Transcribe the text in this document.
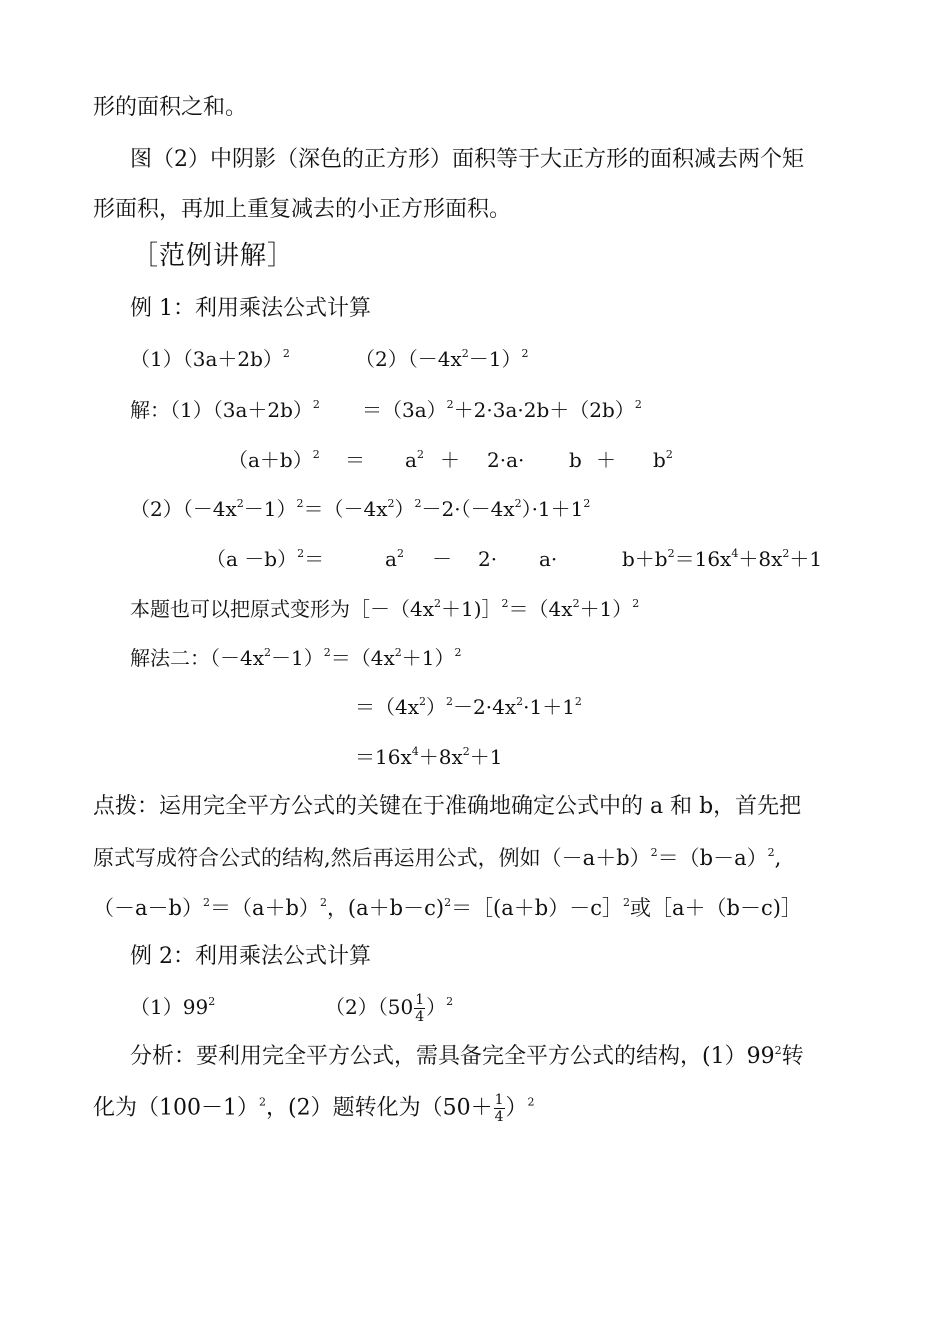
形的面积之和。
图（2）中阴影（深色的正方形）面积等于大正方形的面积减去两个矩
形面积，再加上重复减去的小正方形面积。
［范例讲解］
例 1：利用乘法公式计算
$(1)(3a+2b)^2$	$(2)(-4x^2-1)^2$
解：$(1)(3a+2b)^2 =(3a)^2+2\cdot 3a\cdot 2b+(2b)^2$
$(a+b)^2 = a^2 + 2\cdot a\cdot b + b^2$
$(2)(-4x^2-1)^2=(-4x^2)^2-2\cdot(-4x^2)\cdot 1+1^2$
$(a -b)^2=$	$a^2 - 2\cdot a\cdot$	$b+b^2=16x^4+8x^2+1$
本题也可以把原式变形为$[-(4x^2+1)]^2=(4x^2+1)^2$
解法二：$(-4x^2-1)^2=(4x^2+1)^2$
$=(4x^2)^2-2\cdot 4x^2\cdot 1+1^2$
$=16x^4+8x^2+1$
点拨：运用完全平方公式的关键在于准确地确定公式中的 a 和 b，首先把
原式写成符合公式的结构,然后再运用公式，例如$(-a+b)^2=(b-a)^2$,
$(-a-b)^2=(a+b)^2$，$(a+b-c)^2=[(a+b)-c]^2$或［a＋（b－c)］
例 2：利用乘法公式计算
$(1)99^2$	$(2)(50 \frac{1}{4} )^2$
分析：要利用完全平方公式，需具备完全平方公式的结构，$(1)99^2$转
化为$(100-1)^2$，(2）题转化为$(50+ \frac{1}{4} )^2$
